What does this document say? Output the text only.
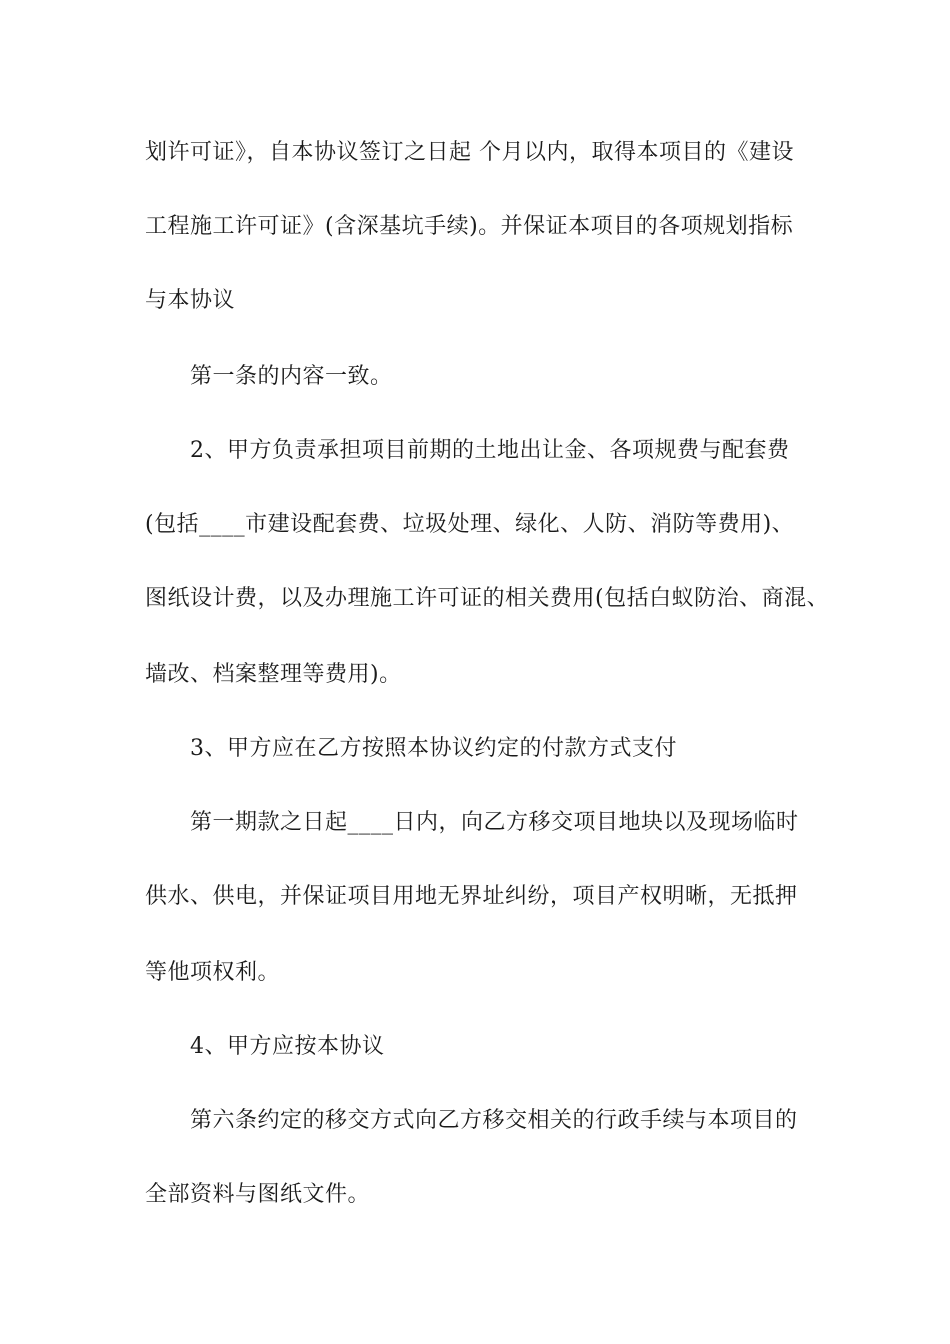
划许可证》，自本协议签订之日起 个月以内，取得本项目的《建设
工程施工许可证》(含深基坑手续)。并保证本项目的各项规划指标
与本协议
第一条的内容一致。
2、甲方负责承担项目前期的土地出让金、各项规费与配套费
(包括____市建设配套费、垃圾处理、绿化、人防、消防等费用)、
图纸设计费，以及办理施工许可证的相关费用(包括白蚁防治、商混、
墙改、档案整理等费用)。
3、甲方应在乙方按照本协议约定的付款方式支付
第一期款之日起____日内，向乙方移交项目地块以及现场临时
供水、供电，并保证项目用地无界址纠纷，项目产权明晰，无抵押
等他项权利。
4、甲方应按本协议
第六条约定的移交方式向乙方移交相关的行政手续与本项目的
全部资料与图纸文件。
